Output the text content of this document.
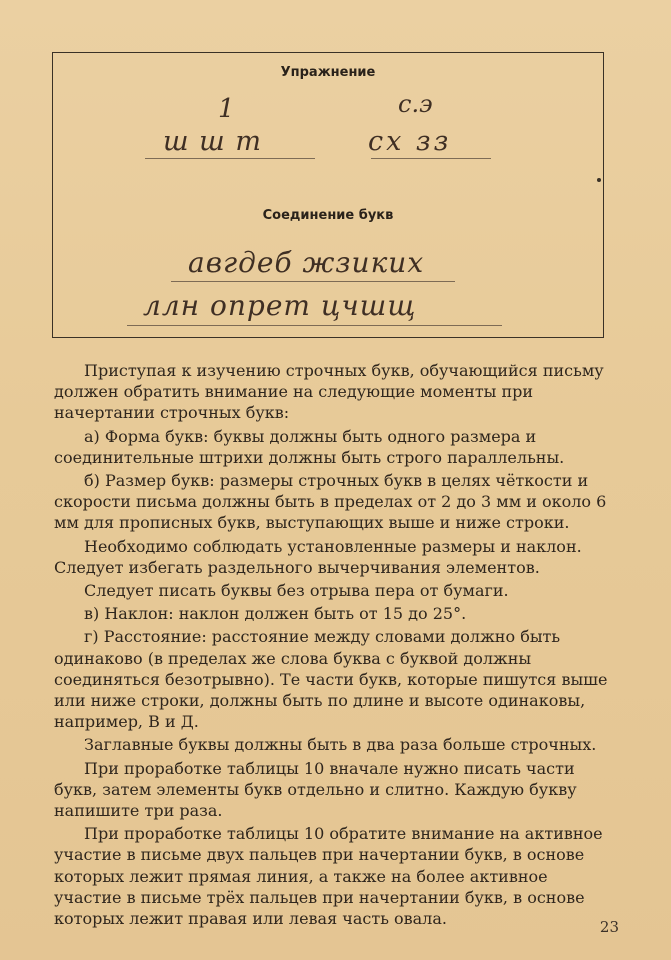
Упражнение
1	с.э
ш ш т	сх зз
Соединение букв
авгдеб жзиких
ллн опрет цчшщ

Приступая к изучению строчных букв, обучающийся письму должен обратить внимание на следующие моменты при начертании строчных букв:

а) Форма букв: буквы должны быть одного размера и соединительные штрихи должны быть строго параллельны.

б) Размер букв: размеры строчных букв в целях чёткости и скорости письма должны быть в пределах от 2 до 3 мм и около 6 мм для прописных букв, выступающих выше и ниже строки.

Необходимо соблюдать установленные размеры и наклон. Следует избегать раздельного вычерчивания элементов.

Следует писать буквы без отрыва пера от бумаги.

в) Наклон: наклон должен быть от 15 до 25°.

г) Расстояние: расстояние между словами должно быть одинаково (в пределах же слова буква с буквой должны соединяться безотрывно). Те части букв, которые пишутся выше или ниже строки, должны быть по длине и высоте одинаковы, например, В и Д.

Заглавные буквы должны быть в два раза больше строчных.

При проработке таблицы 10 вначале нужно писать части букв, затем элементы букв отдельно и слитно. Каждую букву напишите три раза.

При проработке таблицы 10 обратите внимание на активное участие в письме двух пальцев при начертании букв, в основе которых лежит прямая линия, а также на более активное участие в письме трёх пальцев при начертании букв, в основе которых лежит правая или левая часть овала.	23
